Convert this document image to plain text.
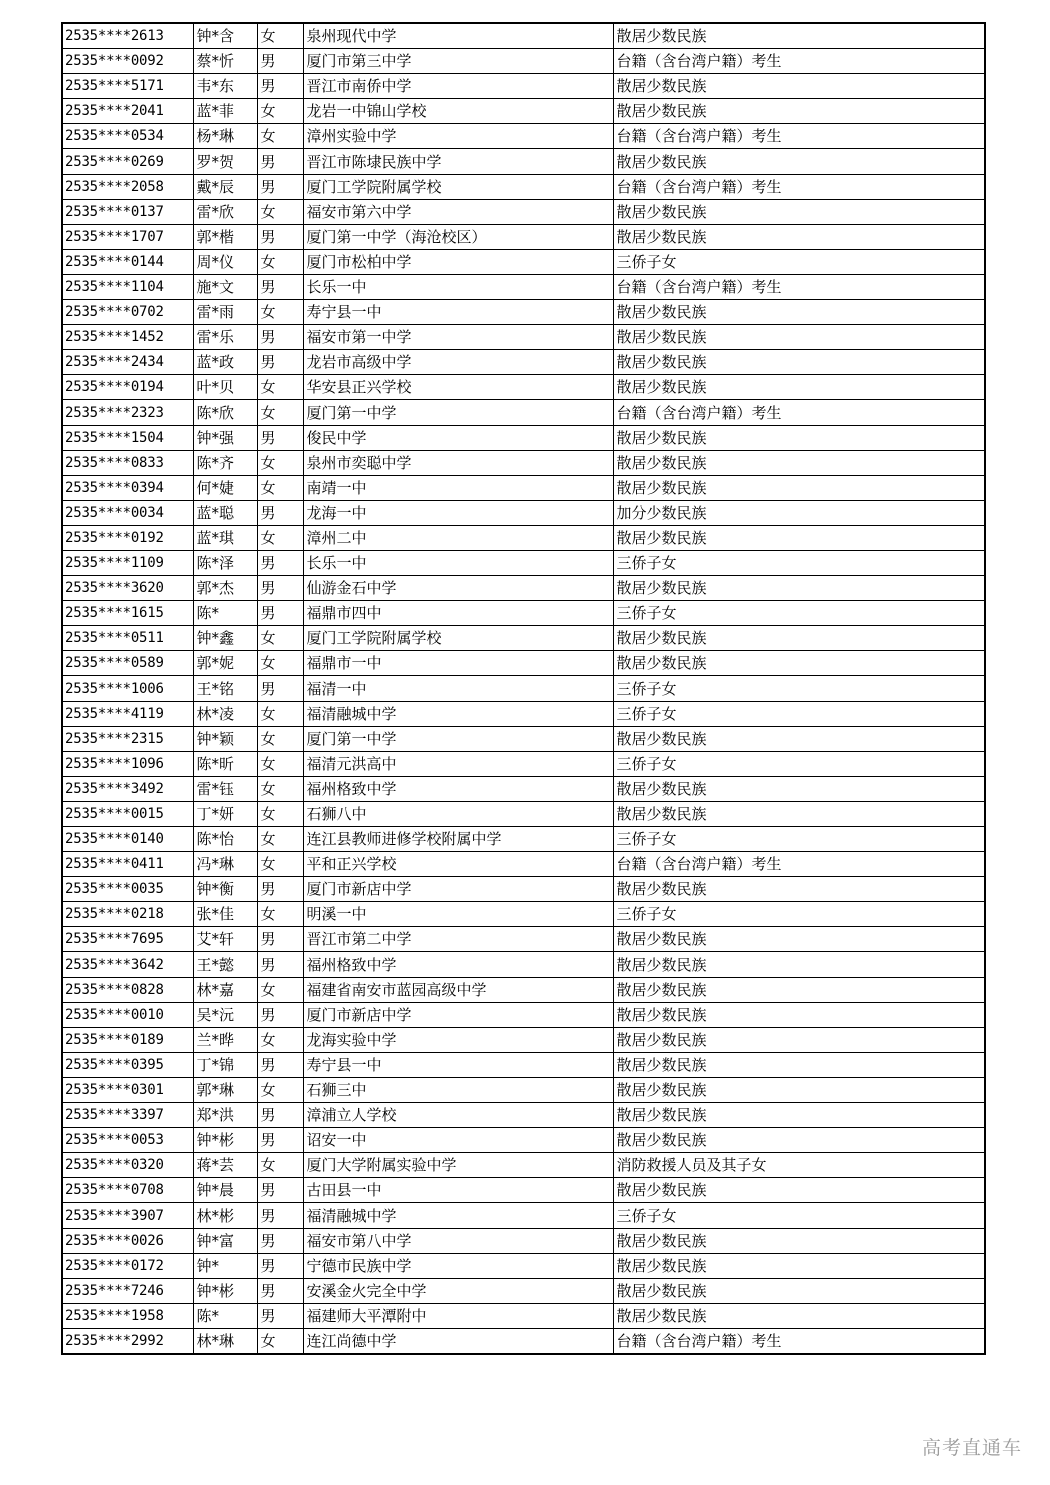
2535****2613	钟*含	女	泉州现代中学	散居少数民族
2535****0092	蔡*忻	男	厦门市第三中学	台籍（含台湾户籍）考生
2535****5171	韦*东	男	晋江市南侨中学	散居少数民族
2535****2041	蓝*菲	女	龙岩一中锦山学校	散居少数民族
2535****0534	杨*琳	女	漳州实验中学	台籍（含台湾户籍）考生
2535****0269	罗*贺	男	晋江市陈埭民族中学	散居少数民族
2535****2058	戴*辰	男	厦门工学院附属学校	台籍（含台湾户籍）考生
2535****0137	雷*欣	女	福安市第六中学	散居少数民族
2535****1707	郭*楷	男	厦门第一中学（海沧校区）	散居少数民族
2535****0144	周*仪	女	厦门市松柏中学	三侨子女
2535****1104	施*文	男	长乐一中	台籍（含台湾户籍）考生
2535****0702	雷*雨	女	寿宁县一中	散居少数民族
2535****1452	雷*乐	男	福安市第一中学	散居少数民族
2535****2434	蓝*政	男	龙岩市高级中学	散居少数民族
2535****0194	叶*贝	女	华安县正兴学校	散居少数民族
2535****2323	陈*欣	女	厦门第一中学	台籍（含台湾户籍）考生
2535****1504	钟*强	男	俊民中学	散居少数民族
2535****0833	陈*齐	女	泉州市奕聪中学	散居少数民族
2535****0394	何*婕	女	南靖一中	散居少数民族
2535****0034	蓝*聪	男	龙海一中	加分少数民族
2535****0192	蓝*琪	女	漳州二中	散居少数民族
2535****1109	陈*泽	男	长乐一中	三侨子女
2535****3620	郭*杰	男	仙游金石中学	散居少数民族
2535****1615	陈*	男	福鼎市四中	三侨子女
2535****0511	钟*鑫	女	厦门工学院附属学校	散居少数民族
2535****0589	郭*妮	女	福鼎市一中	散居少数民族
2535****1006	王*铭	男	福清一中	三侨子女
2535****4119	林*凌	女	福清融城中学	三侨子女
2535****2315	钟*颖	女	厦门第一中学	散居少数民族
2535****1096	陈*昕	女	福清元洪高中	三侨子女
2535****3492	雷*钰	女	福州格致中学	散居少数民族
2535****0015	丁*妍	女	石狮八中	散居少数民族
2535****0140	陈*怡	女	连江县教师进修学校附属中学	三侨子女
2535****0411	冯*琳	女	平和正兴学校	台籍（含台湾户籍）考生
2535****0035	钟*衡	男	厦门市新店中学	散居少数民族
2535****0218	张*佳	女	明溪一中	三侨子女
2535****7695	艾*轩	男	晋江市第二中学	散居少数民族
2535****3642	王*懿	男	福州格致中学	散居少数民族
2535****0828	林*嘉	女	福建省南安市蓝园高级中学	散居少数民族
2535****0010	吴*沅	男	厦门市新店中学	散居少数民族
2535****0189	兰*晔	女	龙海实验中学	散居少数民族
2535****0395	丁*锦	男	寿宁县一中	散居少数民族
2535****0301	郭*琳	女	石狮三中	散居少数民族
2535****3397	郑*洪	男	漳浦立人学校	散居少数民族
2535****0053	钟*彬	男	诏安一中	散居少数民族
2535****0320	蒋*芸	女	厦门大学附属实验中学	消防救援人员及其子女
2535****0708	钟*晨	男	古田县一中	散居少数民族
2535****3907	林*彬	男	福清融城中学	三侨子女
2535****0026	钟*富	男	福安市第八中学	散居少数民族
2535****0172	钟*	男	宁德市民族中学	散居少数民族
2535****7246	钟*彬	男	安溪金火完全中学	散居少数民族
2535****1958	陈*	男	福建师大平潭附中	散居少数民族
2535****2992	林*琳	女	连江尚德中学	台籍（含台湾户籍）考生
高考直通车
